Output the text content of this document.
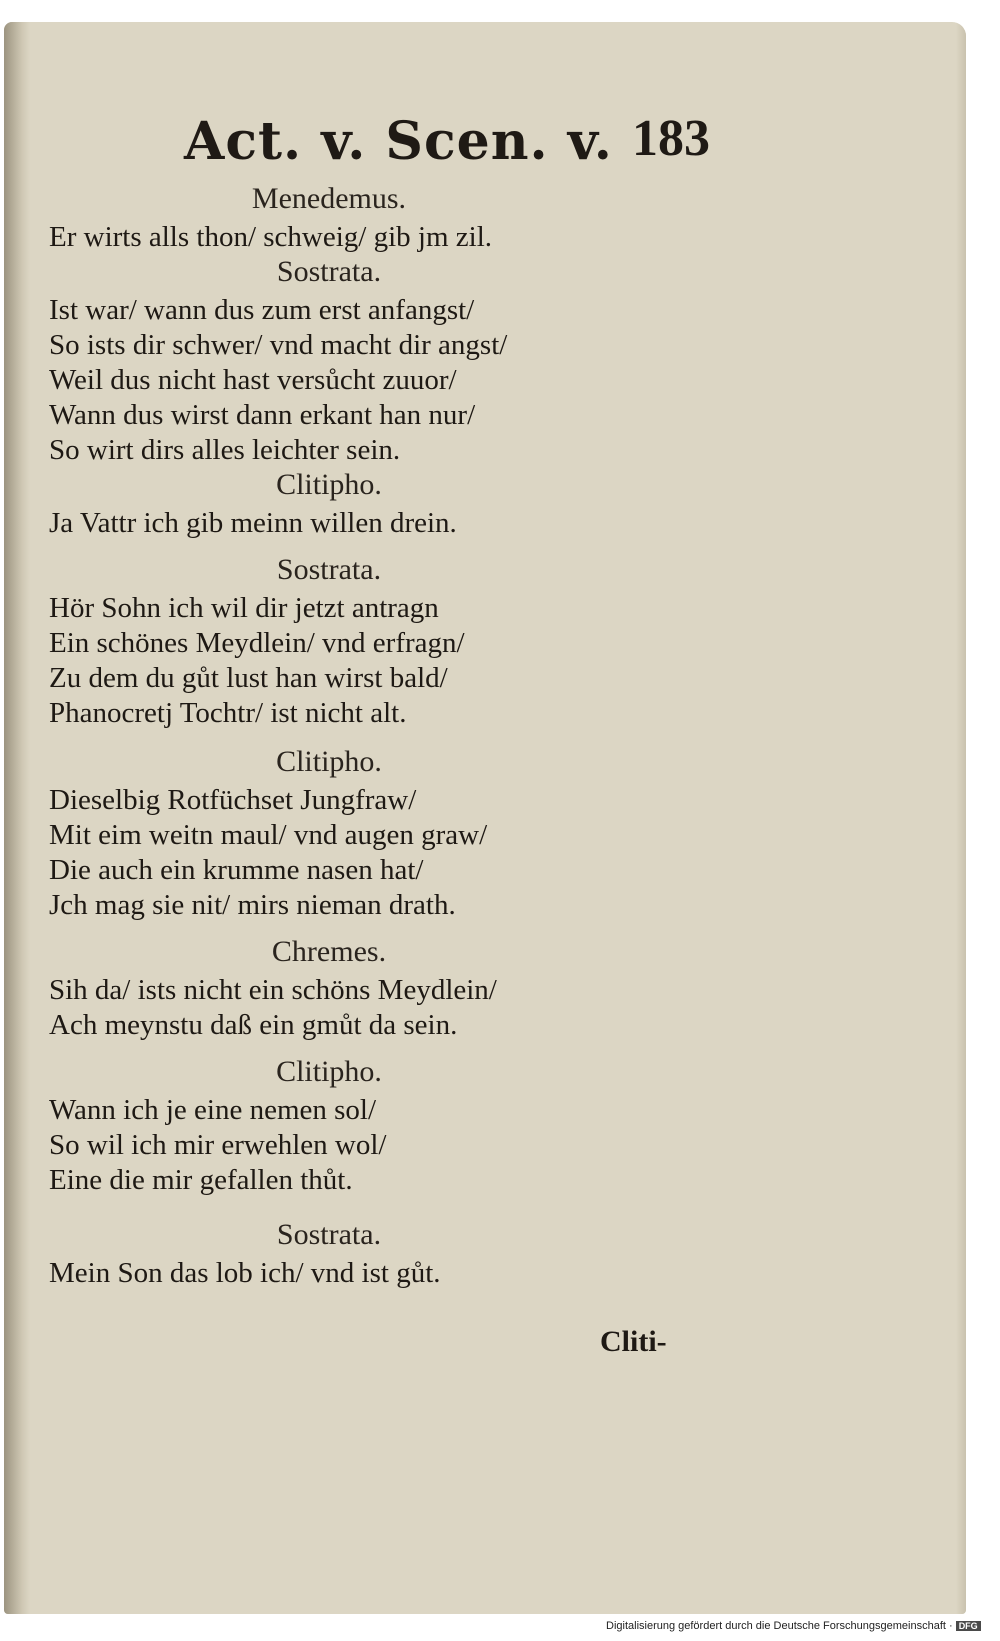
Act. v. Scen. v. 183
Menedemus.
Er wirts alls thon/ schweig/ gib jm zil.
Sostrata.
Ist war/ wann dus zum erst anfangst/
So ists dir schwer/ vnd macht dir angst/
Weil dus nicht hast versůcht zuuor/
Wann dus wirst dann erkant han nur/
So wirt dirs alles leichter sein.
Clitipho.
Ja Vattr ich gib meinn willen drein.
Sostrata.
Hör Sohn ich wil dir jetzt antragn
Ein schönes Meydlein/ vnd erfragn/
Zu dem du gůt lust han wirst bald/
Phanocretj Tochtr/ ist nicht alt.
Clitipho.
Dieselbig Rotfüchset Jungfraw/
Mit eim weitn maul/ vnd augen graw/
Die auch ein krumme nasen hat/
Jch mag sie nit/ mirs nieman drath.
Chremes.
Sih da/ ists nicht ein schöns Meydlein/
Ach meynstu daß ein gmůt da sein.
Clitipho.
Wann ich je eine nemen sol/
So wil ich mir erwehlen wol/
Eine die mir gefallen thůt.
Sostrata.
Mein Son das lob ich/ vnd ist gůt.
Cliti-
Digitalisierung gefördert durch die Deutsche Forschungsgemeinschaft · DFG
